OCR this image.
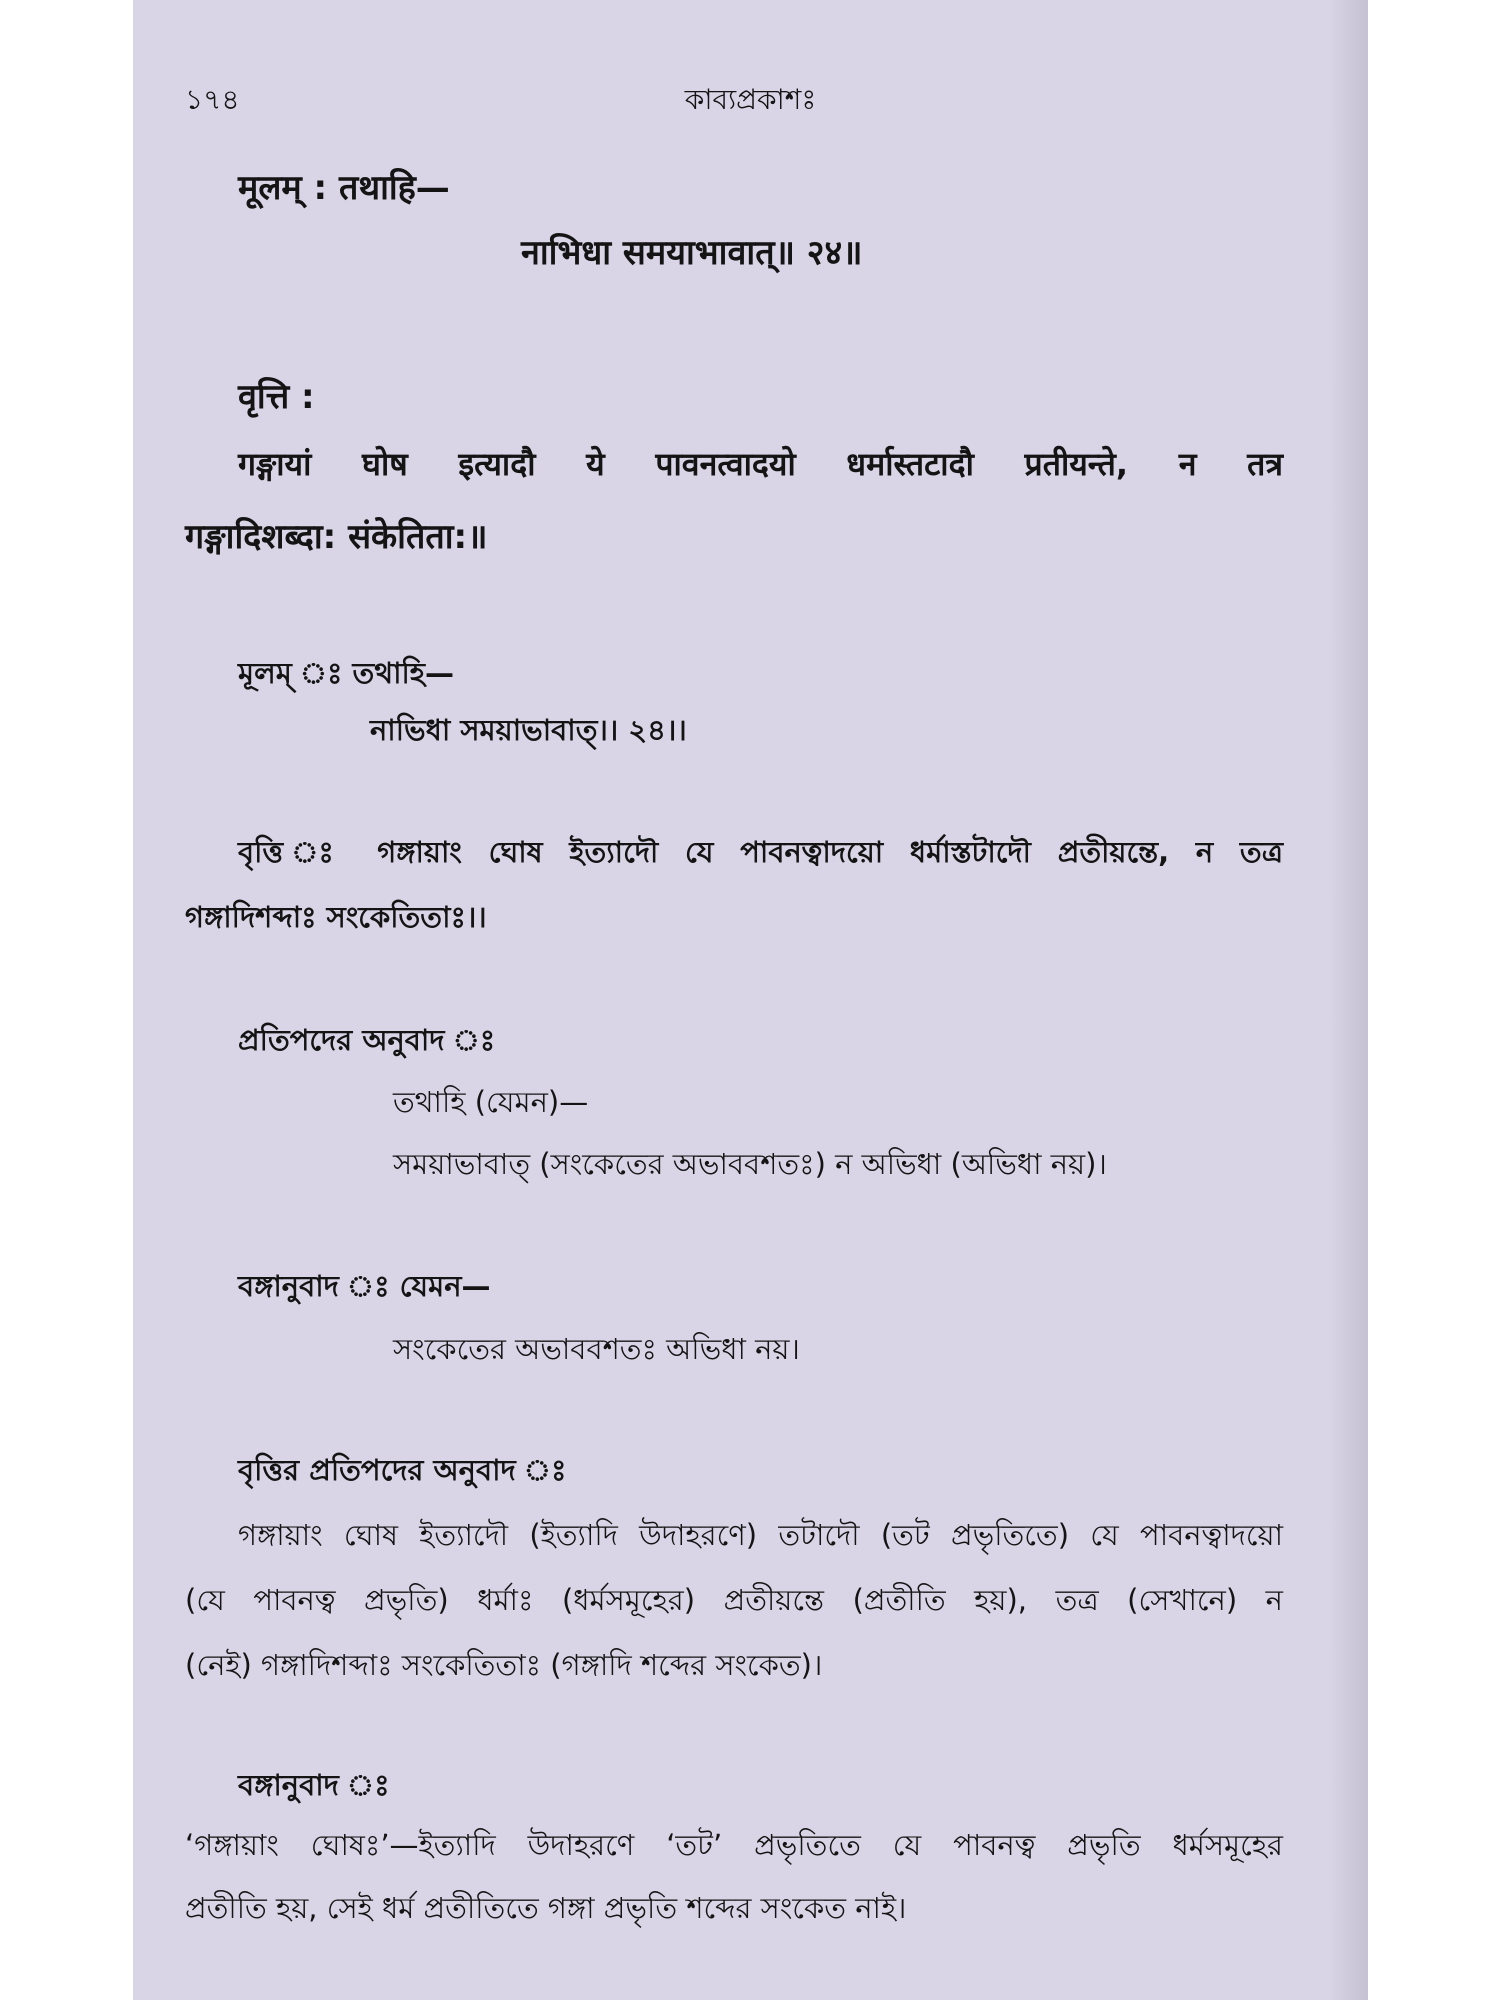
১৭৪	কাব্যপ্রকাশঃ
मूलम् : तथाहि—
नाभिधा समयाभावात्॥ २४॥
वृत्ति :
गङ्गायां घोष इत्यादौ ये पावनत्वादयो धर्मास्तटादौ प्रतीयन्ते, न तत्र
गङ्गादिशब्दा: संकेतिता:॥
মূলম্‌ ঃ তথাহি—
নাভিধা সময়াভাবাত্‌।। ২৪।।
বৃত্তি ঃ গঙ্গায়াং ঘোষ ইত্যাদৌ যে পাবনত্বাদয়ো ধর্মাস্তটাদৌ প্রতীয়ন্তে, ন তত্র
গঙ্গাদিশব্দাঃ সংকেতিতাঃ।।
প্রতিপদের অনুবাদ ঃ
তথাহি (যেমন)—
সময়াভাবাত্‌ (সংকেতের অভাববশতঃ) ন অভিধা (অভিধা নয়)।
বঙ্গানুবাদ ঃ যেমন—
সংকেতের অভাববশতঃ অভিধা নয়।
বৃত্তির প্রতিপদের অনুবাদ ঃ
গঙ্গায়াং ঘোষ ইত্যাদৌ (ইত্যাদি উদাহরণে) তটাদৌ (তট প্রভৃতিতে) যে পাবনত্বাদয়ো
(যে পাবনত্ব প্রভৃতি) ধর্মাঃ (ধর্মসমূহের) প্রতীয়ন্তে (প্রতীতি হয়), তত্র (সেখানে) ন
(নেই) গঙ্গাদিশব্দাঃ সংকেতিতাঃ (গঙ্গাদি শব্দের সংকেত)।
বঙ্গানুবাদ ঃ
‘গঙ্গায়াং ঘোষঃ’—ইত্যাদি উদাহরণে ‘তট’ প্রভৃতিতে যে পাবনত্ব প্রভৃতি ধর্মসমূহের
প্রতীতি হয়, সেই ধর্ম প্রতীতিতে গঙ্গা প্রভৃতি শব্দের সংকেত নাই।
